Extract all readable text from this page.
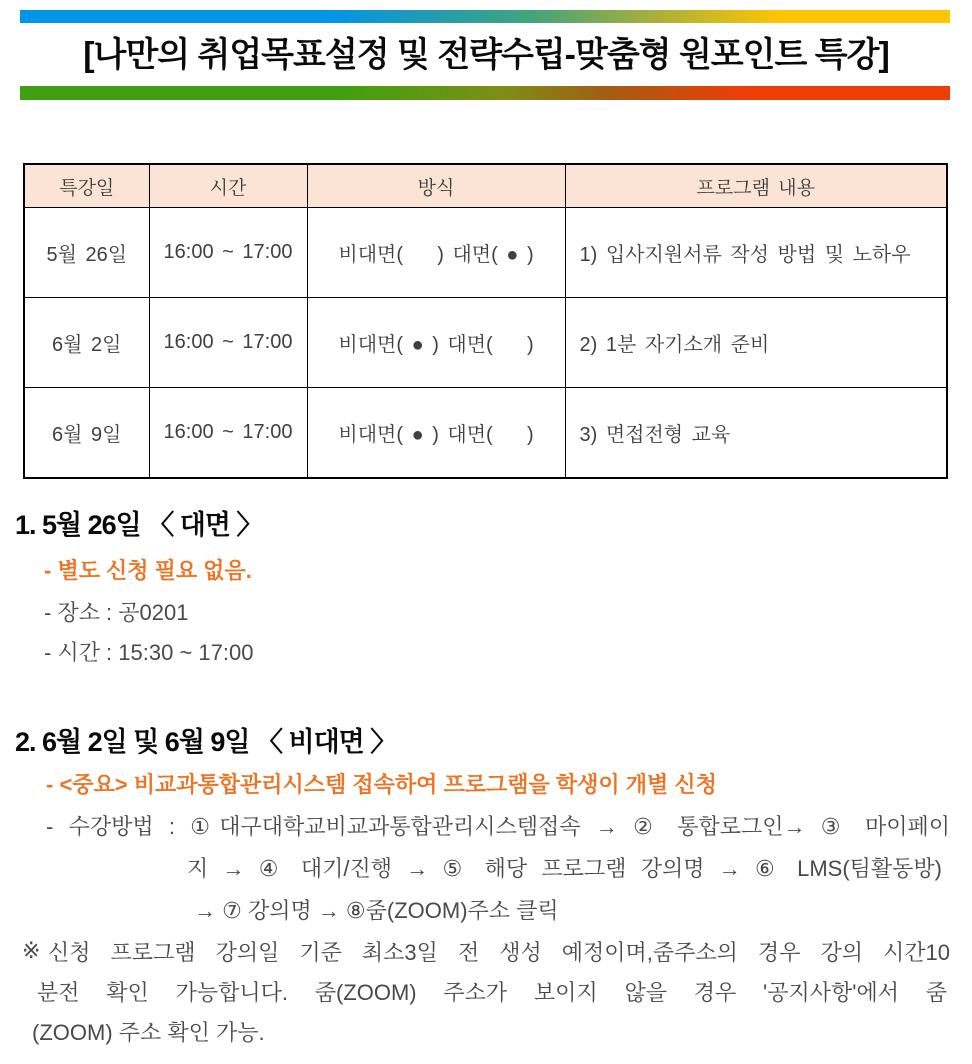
[나만의 취업목표설정 및 전략수립-맞춤형 원포인트 특강]
특강일	시간	방식	프로그램 내용
5월 26일	16:00 ~ 17:00	비대면(    ) 대면( ● )	1) 입사지원서류 작성 방법 및 노하우
6월 2일	16:00 ~ 17:00	비대면( ● ) 대면(    )	2) 1분 자기소개 준비
6월 9일	16:00 ~ 17:00	비대면( ● ) 대면(    )	3) 면접전형 교육
1. 5월 26일 〈 대면 〉
- 별도 신청 필요 없음.
- 장소 : 공0201
- 시간 : 15:30 ~ 17:00
2. 6월 2일 및 6월 9일 〈 비대면 〉
- <중요> 비교과통합관리시스템 접속하여 프로그램을 학생이 개별 신청
- 수강방법 : ①대구대학교비교과통합관리시스템접속 → ② 통합로그인→ ③ 마이페이
지 → ④ 대기/진행 → ⑤ 해당 프로그램 강의명 → ⑥ LMS(팀활동방)
→ ⑦ 강의명 → ⑧줌(ZOOM)주소 클릭
※ 신청 프로그램 강의일 기준 최소3일 전 생성 예정이며,줌주소의 경우 강의 시간10
분전 확인 가능합니다. 줌(ZOOM) 주소가 보이지 않을 경우 '공지사항'에서 줌
(ZOOM) 주소 확인 가능.
